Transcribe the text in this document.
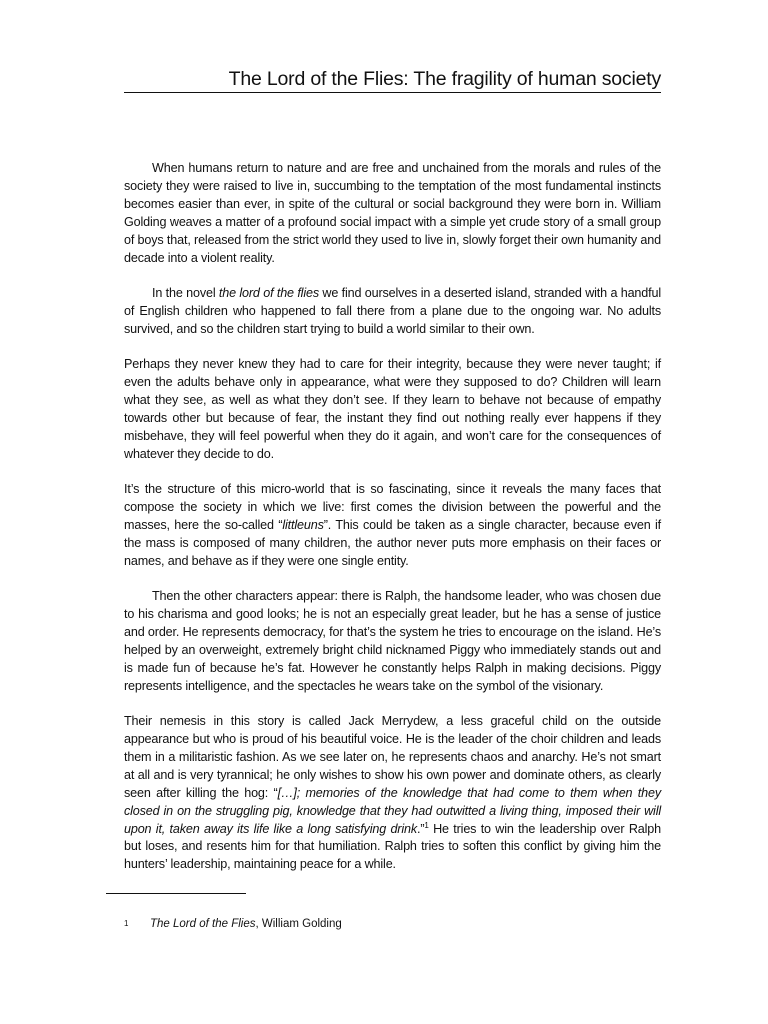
The Lord of the Flies: The fragility of human society

When humans return to nature and are free and unchained from the morals and rules of the society they were raised to live in, succumbing to the temptation of the most fundamental instincts becomes easier than ever, in spite of the cultural or social background they were born in. William Golding weaves a matter of a profound social impact with a simple yet crude story of a small group of boys that, released from the strict world they used to live in, slowly forget their own humanity and decade into a violent reality.

In the novel the lord of the flies we find ourselves in a deserted island, stranded with a handful of English children who happened to fall there from a plane due to the ongoing war. No adults survived, and so the children start trying to build a world similar to their own.

Perhaps they never knew they had to care for their integrity, because they were never taught; if even the adults behave only in appearance, what were they supposed to do? Children will learn what they see, as well as what they don’t see. If they learn to behave not because of empathy towards other but because of fear, the instant they find out nothing really ever happens if they misbehave, they will feel powerful when they do it again, and won’t care for the consequences of whatever they decide to do.

It’s the structure of this micro-world that is so fascinating, since it reveals the many faces that compose the society in which we live: first comes the division between the powerful and the masses, here the so-called “littleuns”. This could be taken as a single character, because even if the mass is composed of many children, the author never puts more emphasis on their faces or names, and behave as if they were one single entity.

Then the other characters appear: there is Ralph, the handsome leader, who was chosen due to his charisma and good looks; he is not an especially great leader, but he has a sense of justice and order. He represents democracy, for that’s the system he tries to encourage on the island. He’s helped by an overweight, extremely bright child nicknamed Piggy who immediately stands out and is made fun of because he’s fat. However he constantly helps Ralph in making decisions. Piggy represents intelligence, and the spectacles he wears take on the symbol of the visionary.

Their nemesis in this story is called Jack Merrydew, a less graceful child on the outside appearance but who is proud of his beautiful voice. He is the leader of the choir children and leads them in a militaristic fashion. As we see later on, he represents chaos and anarchy. He’s not smart at all and is very tyrannical; he only wishes to show his own power and dominate others, as clearly seen after killing the hog: “[…]; memories of the knowledge that had come to them when they closed in on the struggling pig, knowledge that they had outwitted a living thing, imposed their will upon it, taken away its life like a long satisfying drink.”$^1$ He tries to win the leadership over Ralph but loses, and resents him for that humiliation. Ralph tries to soften this conflict by giving him the hunters’ leadership, maintaining peace for a while.

1 The Lord of the Flies, William Golding
